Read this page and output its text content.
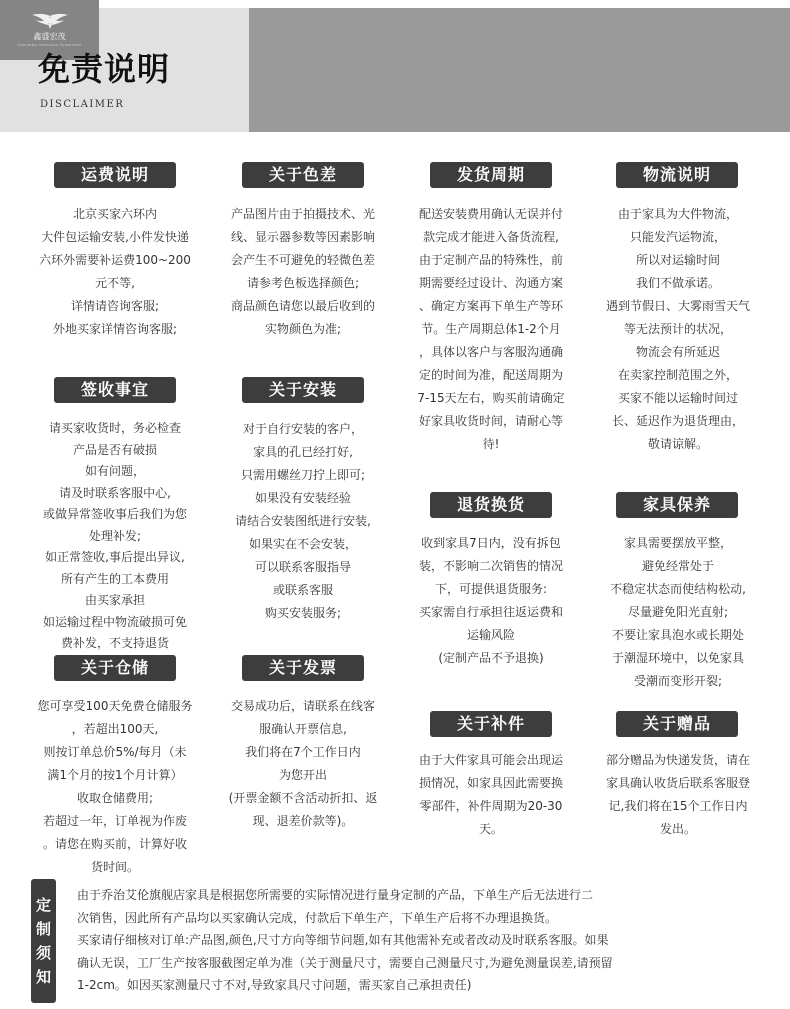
鑫盛宏茂
XINSHENG HONGMAO FURNITURE
免责说明
DISCLAIMER
运费说明

北京买家六环内

大件包运输安装,小件发快递

六环外需要补运费100~200

元不等,

详情请咨询客服;

外地买家详情咨询客服;

关于色差

产品图片由于拍摄技术、光

线、显示器参数等因素影响

会产生不可避免的轻微色差

请参考色板选择颜色;

商品颜色请您以最后收到的

实物颜色为准;

发货周期

配送安装费用确认无误并付

款完成才能进入备货流程,

由于定制产品的特殊性，前

期需要经过设计、沟通方案

、确定方案再下单生产等环

节。生产周期总体1-2个月

，具体以客户与客服沟通确

定的时间为准，配送周期为

7-15天左右，购买前请确定

好家具收货时间，请耐心等

待!

物流说明

由于家具为大件物流，

只能发汽运物流，

所以对运输时间

我们不做承诺。

遇到节假日、大雾雨雪天气

等无法预计的状况，

物流会有所延迟

在卖家控制范围之外，

买家不能以运输时间过

长、延迟作为退货理由，

敬请谅解。

签收事宜

请买家收货时，务必检查

产品是否有破损

如有问题，

请及时联系客服中心,

或做异常签收事后我们为您

处理补发;

如正常签收,事后提出异议,

所有产生的工本费用

由买家承担

如运输过程中物流破损可免

费补发，不支持退货

关于安装

对于自行安装的客户，

家具的孔已经打好,

只需用螺丝刀拧上即可;

如果没有安装经验

请结合安装图纸进行安装,

如果实在不会安装，

可以联系客服指导

或联系客服

购买安装服务;

退货换货

收到家具7日内，没有拆包

装，不影响二次销售的情况

下，可提供退货服务:

买家需自行承担往返运费和

运输风险

(定制产品不予退换)

家具保养

家具需要摆放平整，

避免经常处于

不稳定状态而使结构松动,

尽量避免阳光直射;

不要让家具泡水或长期处

于潮湿环境中，以免家具

受潮而变形开裂;

关于仓储

您可享受100天免费仓储服务

，若超出100天,

则按订单总价5%/每月（未

满1个月的按1个月计算）

收取仓储费用;

若超过一年，订单视为作废

。请您在购买前，计算好收

货时间。

关于发票

交易成功后，请联系在线客

服确认开票信息,

我们将在7个工作日内

为您开出

(开票金额不含活动折扣、返

现、退差价款等)。

关于补件

由于大件家具可能会出现运

损情况，如家具因此需要换

零部件，补件周期为20-30

天。

关于赠品

部分赠品为快递发货，请在

家具确认收货后联系客服登

记,我们将在15个工作日内

发出。

定
制
须
知

由于乔治艾伦旗舰店家具是根据您所需要的实际情况进行量身定制的产品，下单生产后无法进行二

次销售，因此所有产品均以买家确认完成，付款后下单生产，下单生产后将不办理退换货。

买家请仔细核对订单:产品图,颜色,尺寸方向等细节问题,如有其他需补充或者改动及时联系客服。如果

确认无误，工厂生产按客服截图定单为准（关于测量尺寸，需要自己测量尺寸,为避免测量误差,请预留

1-2cm。如因买家测量尺寸不对,导致家具尺寸问题，需买家自己承担责任)
